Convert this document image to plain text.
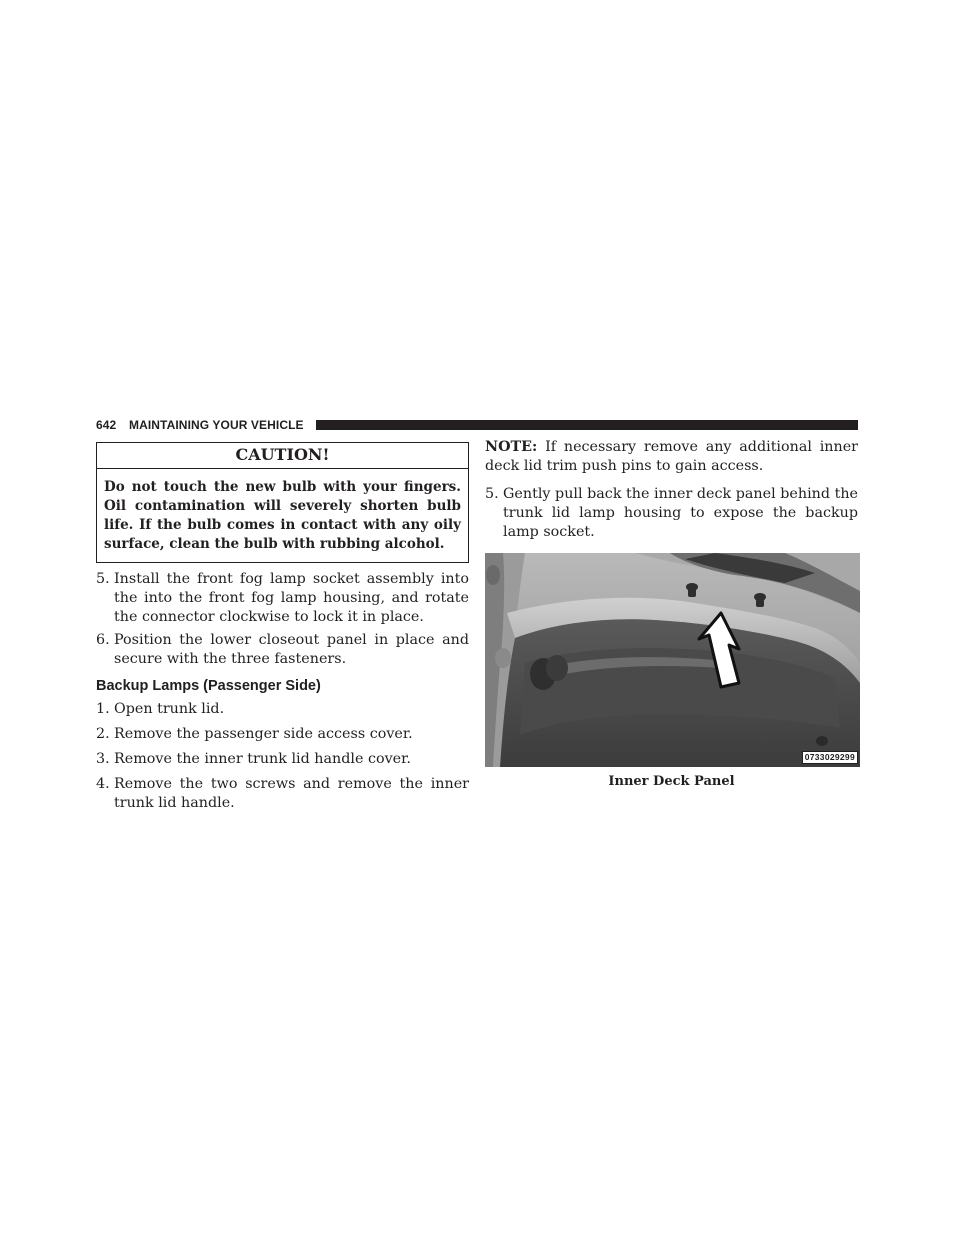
642 MAINTAINING YOUR VEHICLE
CAUTION!
Do not touch the new bulb with your fingers. Oil contamination will severely shorten bulb life. If the bulb comes in contact with any oily surface, clean the bulb with rubbing alcohol.
5. Install the front fog lamp socket assembly into the into the front fog lamp housing, and rotate the connector clockwise to lock it in place.
6. Position the lower closeout panel in place and secure with the three fasteners.
Backup Lamps (Passenger Side)
1. Open trunk lid.
2. Remove the passenger side access cover.
3. Remove the inner trunk lid handle cover.
4. Remove the two screws and remove the inner trunk lid handle.
NOTE: If necessary remove any additional inner deck lid trim push pins to gain access.
5. Gently pull back the inner deck panel behind the trunk lid lamp housing to expose the backup lamp socket.
0733029299
Inner Deck Panel
